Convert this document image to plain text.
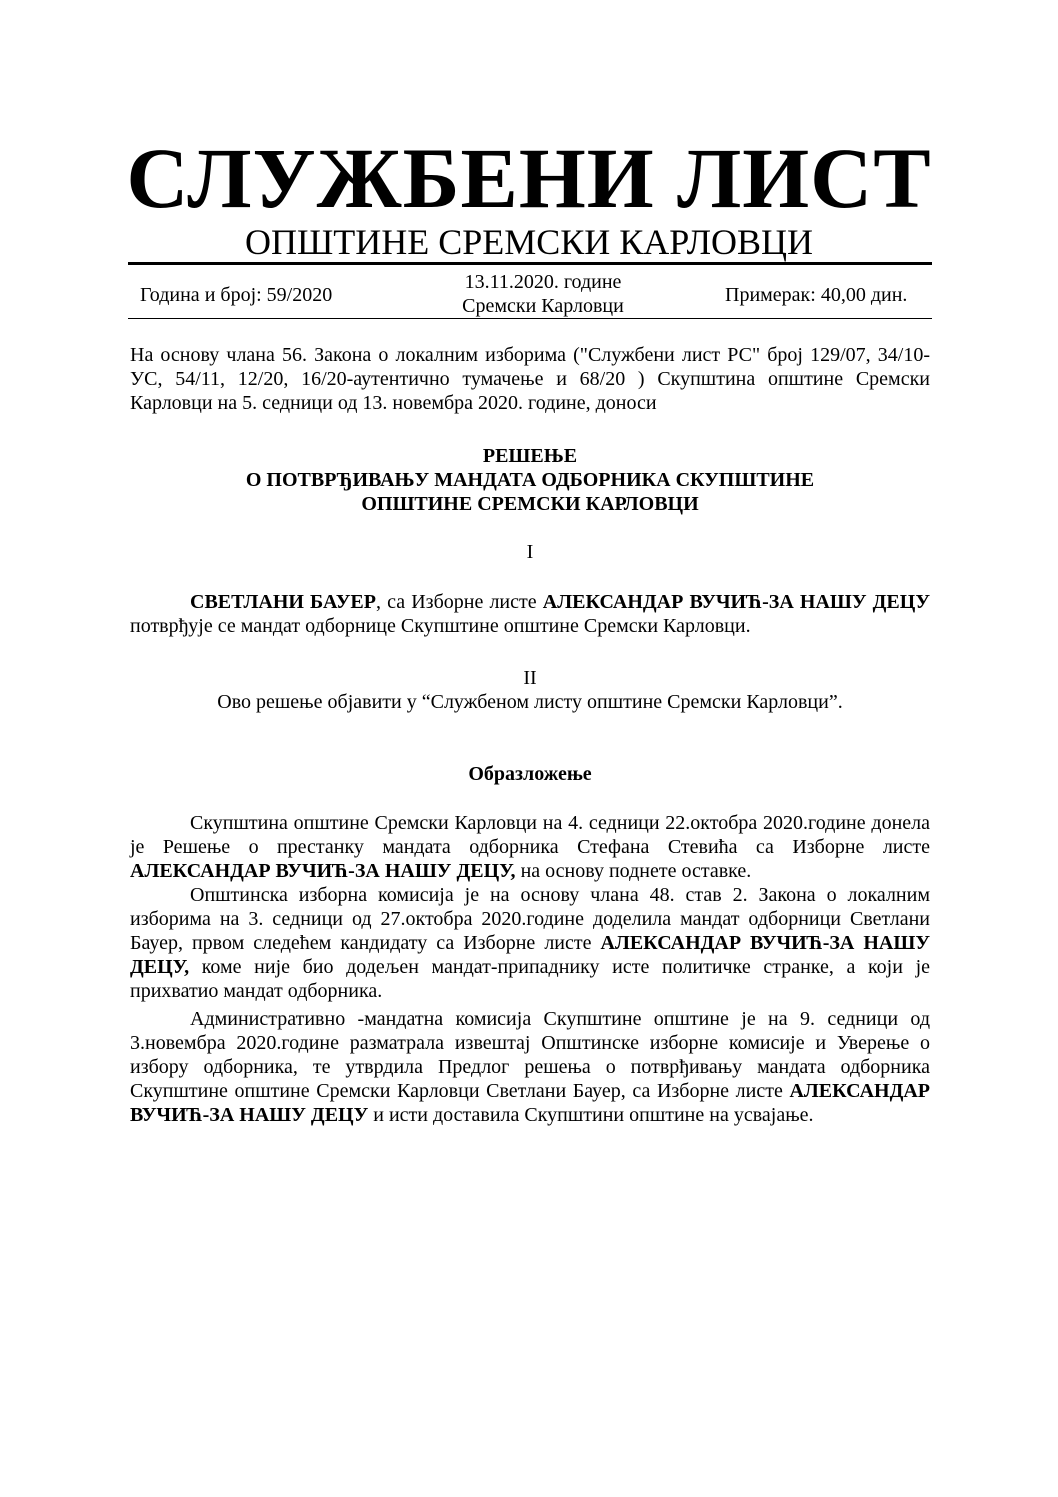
СЛУЖБЕНИ ЛИСТ
ОПШТИНЕ СРЕМСКИ КАРЛОВЦИ
Година и број: 59/2020
13.11.2020. године
Сремски Карловци	Примерак: 40,00 дин.
На основу члана 56. Закона о локалним изборима ("Службени лист РС" број 129/07, 34/10-УС, 54/11, 12/20, 16/20-аутентично тумачење и 68/20 ) Скупштина општине Сремски Карловци на 5. седници од 13. новембра 2020. године, доноси
РЕШЕЊЕ
О ПОТВРЂИВАЊУ МАНДАТА ОДБОРНИКА СКУПШТИНЕ
ОПШТИНЕ СРЕМСКИ КАРЛОВЦИ
I
СВЕТЛАНИ БАУЕР, са Изборне листе АЛЕКСАНДАР ВУЧИЋ-ЗА НАШУ ДЕЦУ потврђује се мандат одборнице Скупштине општине Сремски Карловци.
II
Ово решење објавити у “Службеном листу општине Сремски Карловци”.
Образложење
Скупштина општине Сремски Карловци на 4. седници 22.октобра 2020.године донела је Решење о престанку мандата одборника Стефана Стевића са Изборне листе АЛЕКСАНДАР ВУЧИЋ-ЗА НАШУ ДЕЦУ, на основу поднете оставке.
Општинска изборна комисија је на основу члана 48. став 2. Закона о локалним изборима на 3. седници од 27.октобра 2020.године доделила мандат одборници Светлани Бауер, првом следећем кандидату са Изборне листе АЛЕКСАНДАР ВУЧИЋ-ЗА НАШУ ДЕЦУ, коме није био додељен мандат-припаднику исте политичке странке, а који је прихватио мандат одборника.
Административно -мандатна комисија Скупштине општине је на 9. седници од 3.новембра 2020.године разматрала извештај Општинске изборне комисије и Уверење о избору одборника, те утврдила Предлог решења о потврђивању мандата одборника Скупштине општине Сремски Карловци Светлани Бауер, са Изборне листе АЛЕКСАНДАР ВУЧИЋ-ЗА НАШУ ДЕЦУ и исти доставила Скупштини општине на усвајање.
